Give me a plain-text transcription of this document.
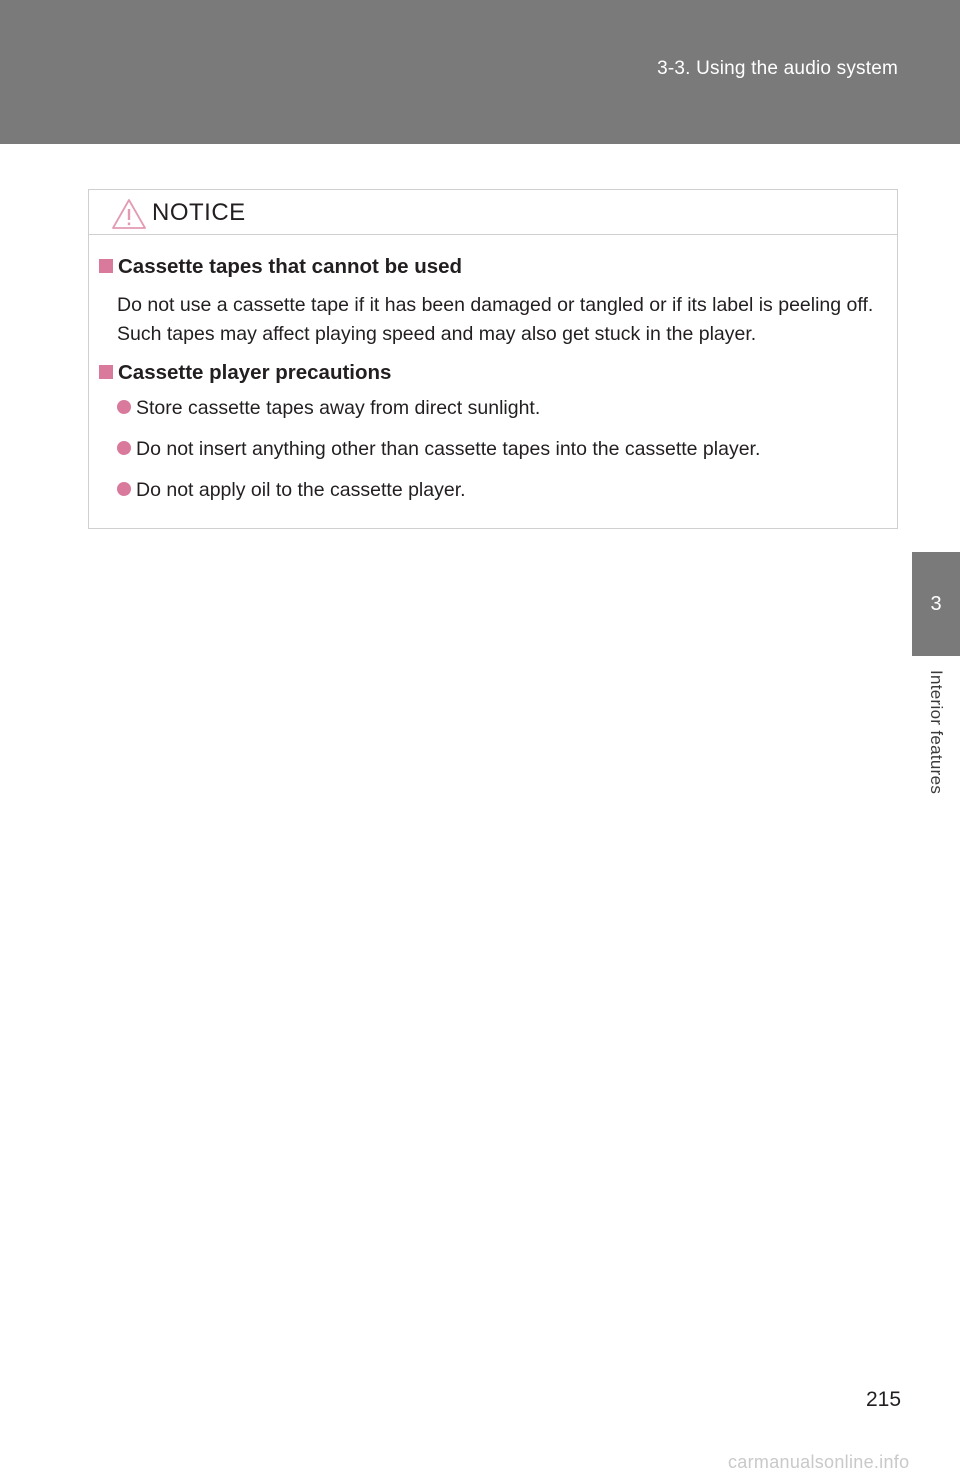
3-3. Using the audio system
3
Interior features
NOTICE
Cassette tapes that cannot be used
Do not use a cassette tape if it has been damaged or tangled or if its label is peeling off. Such tapes may affect playing speed and may also get stuck in the player.
Cassette player precautions
Store cassette tapes away from direct sunlight.
Do not insert anything other than cassette tapes into the cassette player.
Do not apply oil to the cassette player.
215
carmanualsonline.info
